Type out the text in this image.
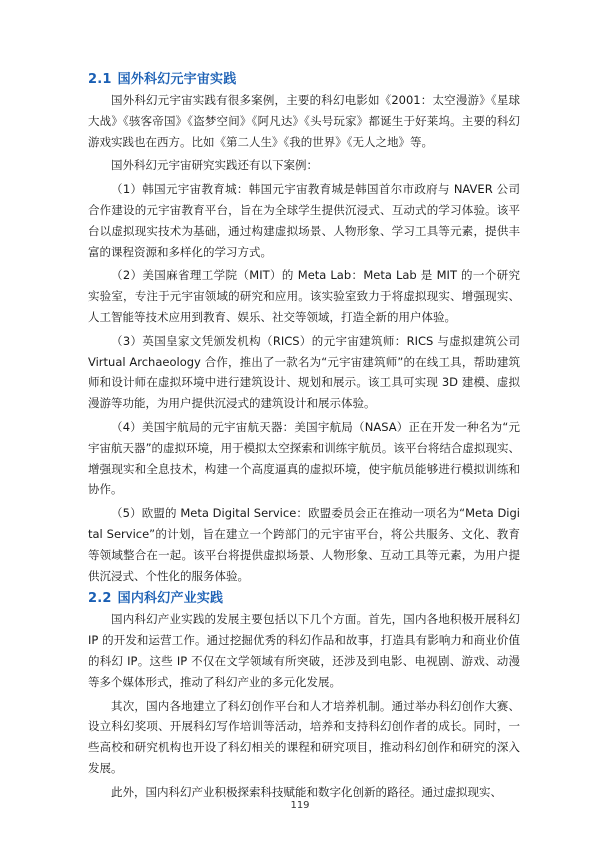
2.1 国外科幻元宇宙实践

国外科幻元宇宙实践有很多案例，主要的科幻电影如《2001：太空漫游》《星球大战》《骇客帝国》《盗梦空间》《阿凡达》《头号玩家》都诞生于好莱坞。主要的科幻游戏实践也在西方。比如《第二人生》《我的世界》《无人之地》等。

国外科幻元宇宙研究实践还有以下案例：

（1）韩国元宇宙教育城：韩国元宇宙教育城是韩国首尔市政府与 NAVER 公司合作建设的元宇宙教育平台，旨在为全球学生提供沉浸式、互动式的学习体验。该平台以虚拟现实技术为基础，通过构建虚拟场景、人物形象、学习工具等元素，提供丰富的课程资源和多样化的学习方式。

（2）美国麻省理工学院（MIT）的 Meta Lab：Meta Lab 是 MIT 的一个研究实验室，专注于元宇宙领域的研究和应用。该实验室致力于将虚拟现实、增强现实、人工智能等技术应用到教育、娱乐、社交等领域，打造全新的用户体验。

（3）英国皇家文凭颁发机构（RICS）的元宇宙建筑师：RICS 与虚拟建筑公司 Virtual Archaeology 合作，推出了一款名为“元宇宙建筑师”的在线工具，帮助建筑师和设计师在虚拟环境中进行建筑设计、规划和展示。该工具可实现 3D 建模、虚拟漫游等功能，为用户提供沉浸式的建筑设计和展示体验。

（4）美国宇航局的元宇宙航天器：美国宇航局（NASA）正在开发一种名为“元宇宙航天器”的虚拟环境，用于模拟太空探索和训练宇航员。该平台将结合虚拟现实、增强现实和全息技术，构建一个高度逼真的虚拟环境，使宇航员能够进行模拟训练和协作。

（5）欧盟的 Meta Digital Service：欧盟委员会正在推动一项名为“Meta Digital Service”的计划，旨在建立一个跨部门的元宇宙平台，将公共服务、文化、教育等领域整合在一起。该平台将提供虚拟场景、人物形象、互动工具等元素，为用户提供沉浸式、个性化的服务体验。

2.2 国内科幻产业实践

国内科幻产业实践的发展主要包括以下几个方面。首先，国内各地积极开展科幻 IP 的开发和运营工作。通过挖掘优秀的科幻作品和故事，打造具有影响力和商业价值的科幻 IP。这些 IP 不仅在文学领域有所突破，还涉及到电影、电视剧、游戏、动漫等多个媒体形式，推动了科幻产业的多元化发展。

其次，国内各地建立了科幻创作平台和人才培养机制。通过举办科幻创作大赛、设立科幻奖项、开展科幻写作培训等活动，培养和支持科幻创作者的成长。同时，一些高校和研究机构也开设了科幻相关的课程和研究项目，推动科幻创作和研究的深入发展。

此外，国内科幻产业积极探索科技赋能和数字化创新的路径。通过虚拟现实、

119
